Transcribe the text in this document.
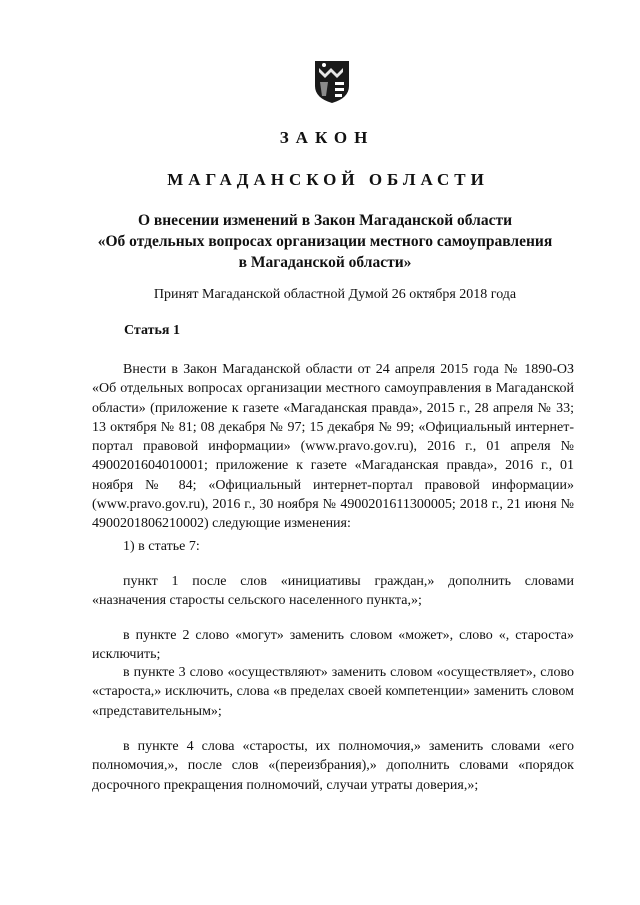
ЗАКОН
МАГАДАНСКОЙ ОБЛАСТИ
О внесении изменений в Закон Магаданской области
«Об отдельных вопросах организации местного самоуправления
в Магаданской области»
Принят Магаданской областной Думой 26 октября 2018 года
Статья 1

Внести в Закон Магаданской области от 24 апреля 2015 года № 1890-ОЗ «Об отдельных вопросах организации местного самоуправления в Магаданской области» (приложение к газете «Магаданская правда», 2015 г., 28 апреля № 33; 13 октября № 81; 08 декабря № 97; 15 декабря № 99; «Официальный интернет-портал правовой информации» (www.pravo.gov.ru), 2016 г., 01 апреля № 4900201604010001; приложение к газете «Магаданская правда», 2016 г., 01 ноября № 84; «Официальный интернет-портал правовой информации» (www.pravo.gov.ru), 2016 г., 30 ноября № 4900201611300005; 2018 г., 21 июня № 4900201806210002) следующие изменения:

1) в статье 7:

пункт 1 после слов «инициативы граждан,» дополнить словами «назначения старосты сельского населенного пункта,»;

в пункте 2 слово «могут» заменить словом «может», слово «, староста» исключить;

в пункте 3 слово «осуществляют» заменить словом «осуществляет», слово «староста,» исключить, слова «в пределах своей компетенции» заменить словом «представительным»;

в пункте 4 слова «старосты, их полномочия,» заменить словами «его полномочия,», после слов «(переизбрания),» дополнить словами «порядок досрочного прекращения полномочий, случаи утраты доверия,»;
